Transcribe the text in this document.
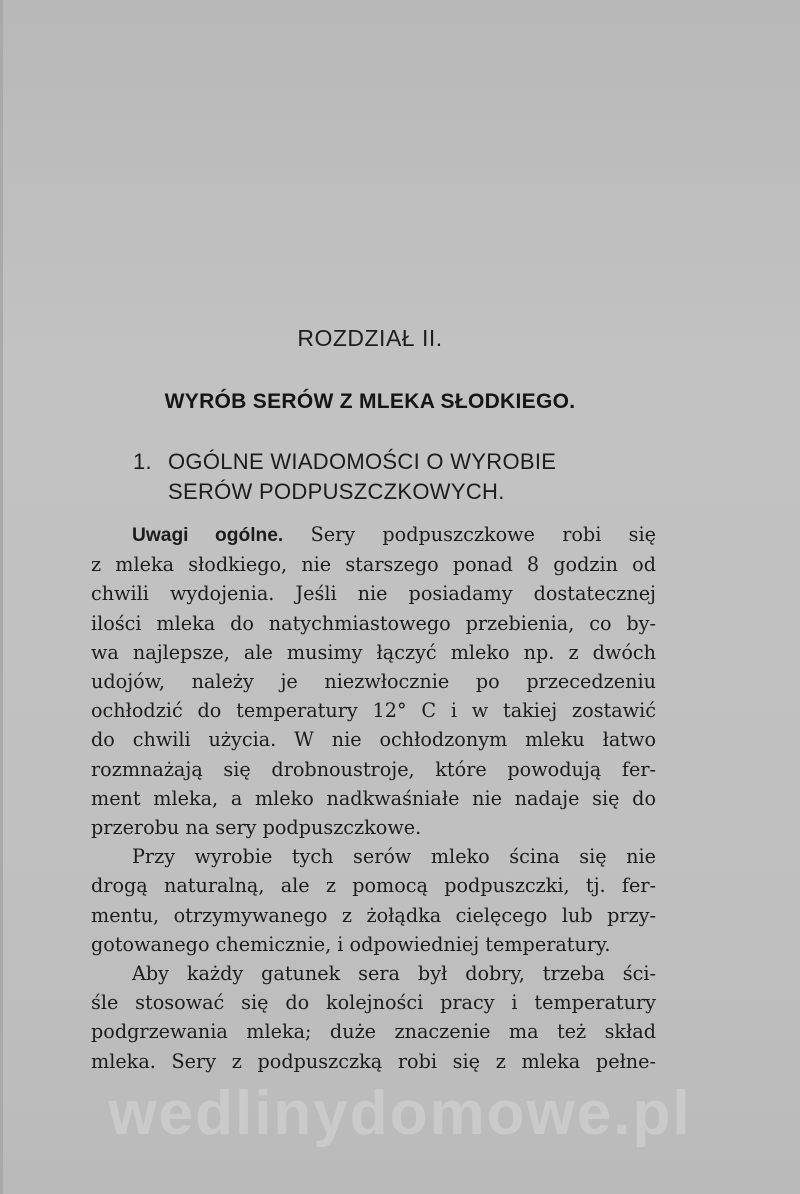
ROZDZIAŁ II.
WYRÓB SERÓW Z MLEKA SŁODKIEGO.
1. OGÓLNE WIADOMOŚCI O WYROBIE
SERÓW PODPUSZCZKOWYCH.
Uwagi ogólne. Sery podpuszczkowe robi się
z mleka słodkiego, nie starszego ponad 8 godzin od
chwili wydojenia. Jeśli nie posiadamy dostatecznej
ilości mleka do natychmiastowego przebienia, co by-
wa najlepsze, ale musimy łączyć mleko np. z dwóch
udojów, należy je niezwłocznie po przecedzeniu
ochłodzić do temperatury 12° C i w takiej zostawić
do chwili użycia. W nie ochłodzonym mleku łatwo
rozmnażają się drobnoustroje, które powodują fer-
ment mleka, a mleko nadkwaśniałe nie nadaje się do
przerobu na sery podpuszczkowe.
Przy wyrobie tych serów mleko ścina się nie
drogą naturalną, ale z pomocą podpuszczki, tj. fer-
mentu, otrzymywanego z żołądka cielęcego lub przy-
gotowanego chemicznie, i odpowiedniej temperatury.
Aby każdy gatunek sera był dobry, trzeba ści-
śle stosować się do kolejności pracy i temperatury
podgrzewania mleka; duże znaczenie ma też skład
mleka. Sery z podpuszczką robi się z mleka pełne-
wedlinydomowe.pl
